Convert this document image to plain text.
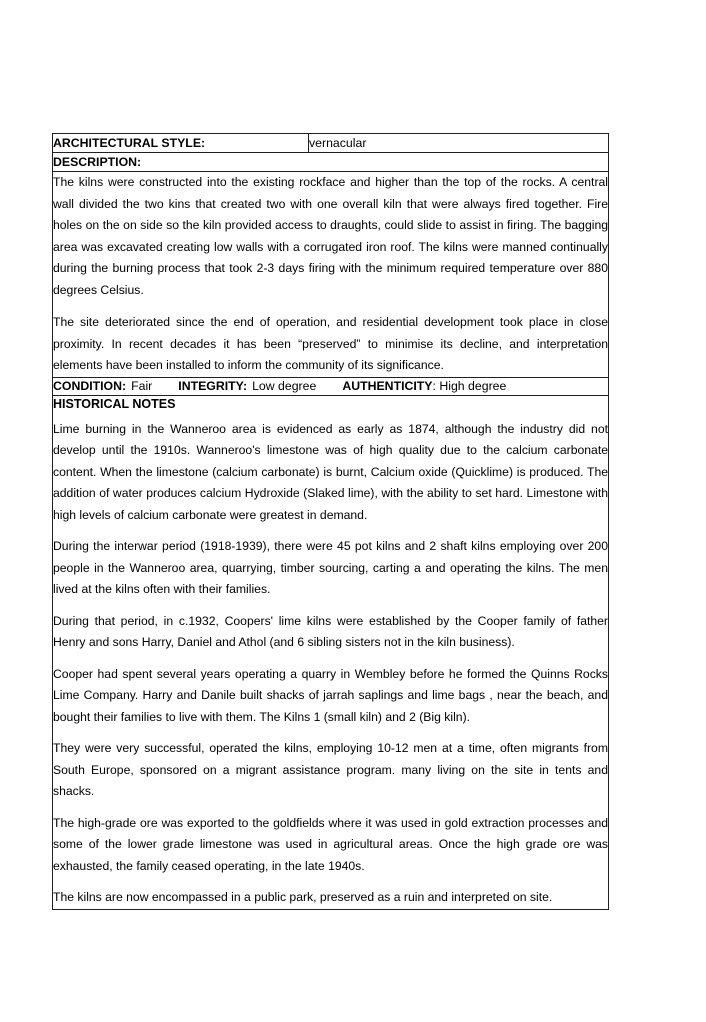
ARCHITECTURAL STYLE:	vernacular
DESCRIPTION:

The kilns were constructed into the existing rockface and higher than the top of the rocks. A central wall divided the two kins that created two with one overall kiln that were always fired together. Fire holes on the on side so the kiln provided access to draughts, could slide to assist in firing. The bagging area was excavated creating low walls with a corrugated iron roof. The kilns were manned continually during the burning process that took 2-3 days firing with the minimum required temperature over 880 degrees Celsius.

The site deteriorated since the end of operation, and residential development took place in close proximity. In recent decades it has been “preserved” to minimise its decline, and interpretation elements have been installed to inform the community of its significance.

CONDITION: Fair INTEGRITY: Low degree AUTHENTICITY: High degree

HISTORICAL NOTES

Lime burning in the Wanneroo area is evidenced as early as 1874, although the industry did not develop until the 1910s. Wanneroo's limestone was of high quality due to the calcium carbonate content. When the limestone (calcium carbonate) is burnt, Calcium oxide (Quicklime) is produced. The addition of water produces calcium Hydroxide (Slaked lime), with the ability to set hard. Limestone with high levels of calcium carbonate were greatest in demand.

During the interwar period (1918-1939), there were 45 pot kilns and 2 shaft kilns employing over 200 people in the Wanneroo area, quarrying, timber sourcing, carting a and operating the kilns. The men lived at the kilns often with their families.

During that period, in c.1932, Coopers' lime kilns were established by the Cooper family of father Henry and sons Harry, Daniel and Athol (and 6 sibling sisters not in the kiln business).

Cooper had spent several years operating a quarry in Wembley before he formed the Quinns Rocks Lime Company. Harry and Danile built shacks of jarrah saplings and lime bags , near the beach, and bought their families to live with them. The Kilns 1 (small kiln) and 2 (Big kiln).

They were very successful, operated the kilns, employing 10-12 men at a time, often migrants from South Europe, sponsored on a migrant assistance program. many living on the site in tents and shacks.

The high-grade ore was exported to the goldfields where it was used in gold extraction processes and some of the lower grade limestone was used in agricultural areas. Once the high grade ore was exhausted, the family ceased operating, in the late 1940s.

The kilns are now encompassed in a public park, preserved as a ruin and interpreted on site.
